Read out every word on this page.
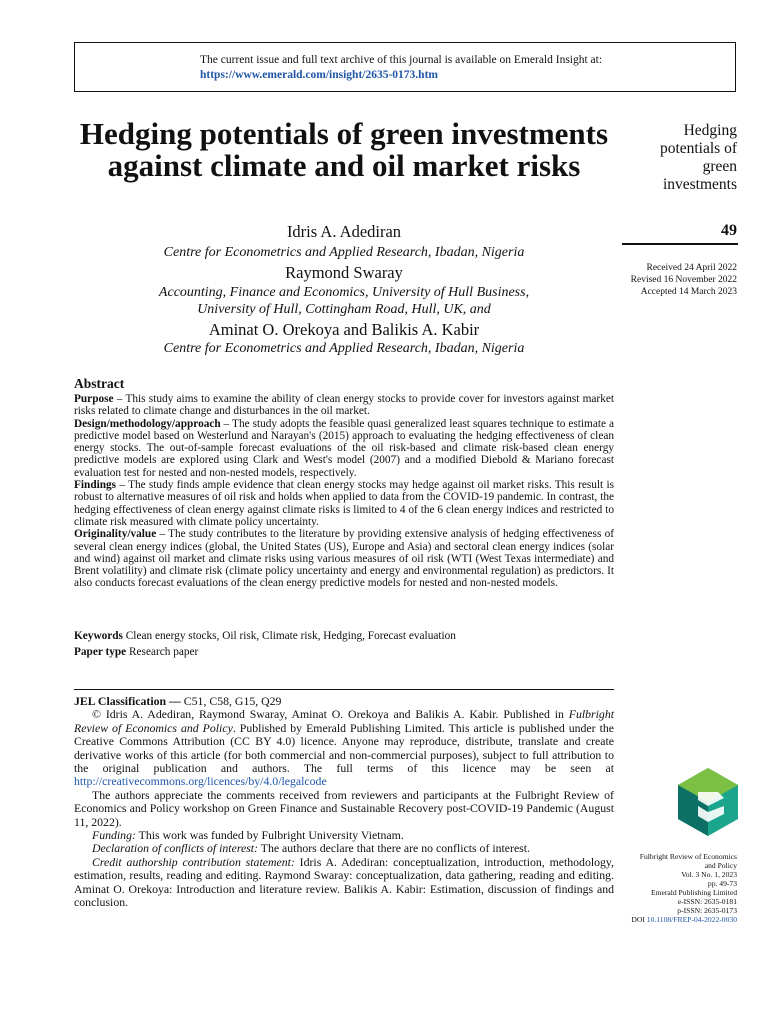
The current issue and full text archive of this journal is available on Emerald Insight at:
https://www.emerald.com/insight/2635-0173.htm
Hedging potentials of green investments against climate and oil market risks
Idris A. Adediran
Centre for Econometrics and Applied Research, Ibadan, Nigeria
Raymond Swaray
Accounting, Finance and Economics, University of Hull Business,
University of Hull, Cottingham Road, Hull, UK, and
Aminat O. Orekoya and Balikis A. Kabir
Centre for Econometrics and Applied Research, Ibadan, Nigeria
Hedging
potentials of
green
investments
49
Received 24 April 2022
Revised 16 November 2022
Accepted 14 March 2023
Abstract

Purpose – This study aims to examine the ability of clean energy stocks to provide cover for investors against market risks related to climate change and disturbances in the oil market.

Design/methodology/approach – The study adopts the feasible quasi generalized least squares technique to estimate a predictive model based on Westerlund and Narayan's (2015) approach to evaluating the hedging effectiveness of clean energy stocks. The out-of-sample forecast evaluations of the oil risk-based and climate risk-based clean energy predictive models are explored using Clark and West's model (2007) and a modified Diebold & Mariano forecast evaluation test for nested and non-nested models, respectively.

Findings – The study finds ample evidence that clean energy stocks may hedge against oil market risks. This result is robust to alternative measures of oil risk and holds when applied to data from the COVID-19 pandemic. In contrast, the hedging effectiveness of clean energy against climate risks is limited to 4 of the 6 clean energy indices and restricted to climate risk measured with climate policy uncertainty.

Originality/value – The study contributes to the literature by providing extensive analysis of hedging effectiveness of several clean energy indices (global, the United States (US), Europe and Asia) and sectoral clean energy indices (solar and wind) against oil market and climate risks using various measures of oil risk (WTI (West Texas intermediate) and Brent volatility) and climate risk (climate policy uncertainty and energy and environmental regulation) as predictors. It also conducts forecast evaluations of the clean energy predictive models for nested and non-nested models.

Keywords Clean energy stocks, Oil risk, Climate risk, Hedging, Forecast evaluation
Paper type Research paper

JEL Classification — C51, C58, G15, Q29

© Idris A. Adediran, Raymond Swaray, Aminat O. Orekoya and Balikis A. Kabir. Published in Fulbright Review of Economics and Policy. Published by Emerald Publishing Limited. This article is published under the Creative Commons Attribution (CC BY 4.0) licence. Anyone may reproduce, distribute, translate and create derivative works of this article (for both commercial and non-commercial purposes), subject to full attribution to the original publication and authors. The full terms of this licence may be seen at http://creativecommons.org/licences/by/4.0/legalcode

The authors appreciate the comments received from reviewers and participants at the Fulbright Review of Economics and Policy workshop on Green Finance and Sustainable Recovery post-COVID-19 Pandemic (August 11, 2022).

Funding: This work was funded by Fulbright University Vietnam.

Declaration of conflicts of interest: The authors declare that there are no conflicts of interest.

Credit authorship contribution statement: Idris A. Adediran: conceptualization, introduction, methodology, estimation, results, reading and editing. Raymond Swaray: conceptualization, data gathering, reading and editing. Aminat O. Orekoya: Introduction and literature review. Balikis A. Kabir: Estimation, discussion of findings and conclusion.

Fulbright Review of Economics
and Policy
Vol. 3 No. 1, 2023
pp. 49-73
Emerald Publishing Limited
e-ISSN: 2635-0181
p-ISSN: 2635-0173
DOI 10.1108/FREP-04-2022-0030
